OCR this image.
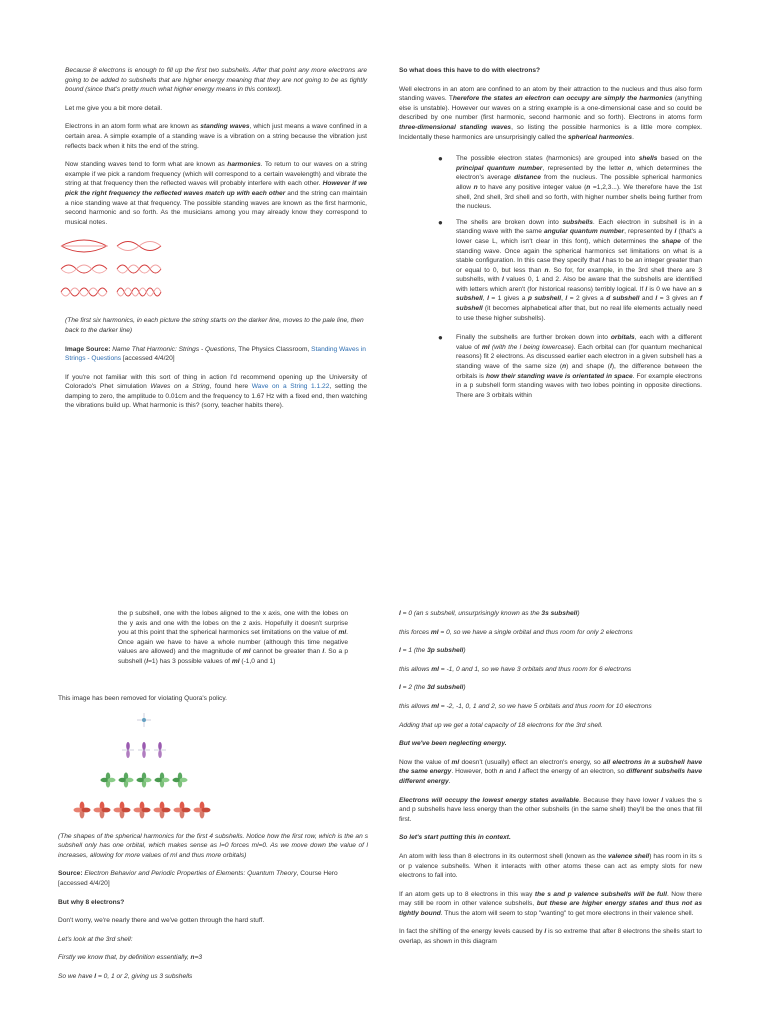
Because 8 electrons is enough to fill up the first two subshells. After that point any more electrons are going to be added to subshells that are higher energy meaning that they are not going to be as tightly bound (since that's pretty much what higher energy means in this context).

Let me give you a bit more detail.

Electrons in an atom form what are known as standing waves, which just means a wave confined in a certain area. A simple example of a standing wave is a vibration on a string because the vibration just reflects back when it hits the end of the string.

Now standing waves tend to form what are known as harmonics. To return to our waves on a string example if we pick a random frequency (which will correspond to a certain wavelength) and vibrate the string at that frequency then the reflected waves will probably interfere with each other. However if we pick the right frequency the reflected waves match up with each other and the string can maintain a nice standing wave at that frequency. The possible standing waves are known as the first harmonic, second harmonic and so forth. As the musicians among you may already know they correspond to musical notes.

(The first six harmonics, in each picture the string starts on the darker line, moves to the pale line, then back to the darker line)

Image Source: Name That Harmonic: Strings - Questions, The Physics Classroom, Standing Waves in Strings - Questions [accessed 4/4/20]

If you're not familiar with this sort of thing in action I'd recommend opening up the University of Colorado's Phet simulation Waves on a String, found here Wave on a String 1.1.22, setting the damping to zero, the amplitude to 0.01cm and the frequency to 1.67 Hz with a fixed end, then watching the vibrations build up. What harmonic is this? (sorry, teacher habits there).

So what does this have to do with electrons?

Well electrons in an atom are confined to an atom by their attraction to the nucleus and thus also form standing waves. Therefore the states an electron can occupy are simply the harmonics (anything else is unstable). However our waves on a string example is a one-dimensional case and so could be described by one number (first harmonic, second harmonic and so forth). Electrons in atoms form three-dimensional standing waves, so listing the possible harmonics is a little more complex. Incidentally these harmonics are unsurprisingly called the spherical harmonics.

● The possible electron states (harmonics) are grouped into shells based on the principal quantum number, represented by the letter n, which determines the electron's average distance from the nucleus. The possible spherical harmonics allow n to have any positive integer value (n =1,2,3...). We therefore have the 1st shell, 2nd shell, 3rd shell and so forth, with higher number shells being further from the nucleus.
● The shells are broken down into subshells. Each electron in subshell is in a standing wave with the same angular quantum number, represented by l (that's a lower case L, which isn't clear in this font), which determines the shape of the standing wave. Once again the spherical harmonics set limitations on what is a stable configuration. In this case they specify that l has to be an integer greater than or equal to 0, but less than n. So for, for example, in the 3rd shell there are 3 subshells, with l values 0, 1 and 2. Also be aware that the subshells are identified with letters which aren't (for historical reasons) terribly logical. If l is 0 we have an s subshell, l = 1 gives a p subshell, l = 2 gives a d subshell and l = 3 gives an f subshell (it becomes alphabetical after that, but no real life elements actually need to use these higher subshells).
● Finally the subshells are further broken down into orbitals, each with a different value of ml (with the l being lowercase). Each orbital can (for quantum mechanical reasons) fit 2 electrons. As discussed earlier each electron in a given subshell has a standing wave of the same size (n) and shape (l), the difference between the orbitals is how their standing wave is orientated in space. For example electrons in a p subshell form standing waves with two lobes pointing in opposite directions. There are 3 orbitals within

the p subshell, one with the lobes aligned to the x axis, one with the lobes on the y axis and one with the lobes on the z axis. Hopefully it doesn't surprise you at this point that the spherical harmonics set limitations on the value of ml. Once again we have to have a whole number (although this time negative values are allowed) and the magnitude of ml cannot be greater than l. So a p subshell (l=1) has 3 possible values of ml (-1,0 and 1)

This image has been removed for violating Quora's policy.

(The shapes of the spherical harmonics for the first 4 subshells. Notice how the first row, which is the an s subshell only has one orbital, which makes sense as l=0 forces ml=0. As we move down the value of l increases, allowing for more values of ml and thus more orbitals)

Source: Electron Behavior and Periodic Properties of Elements: Quantum Theory, Course Hero [accessed 4/4/20]

But why 8 electrons?

Don't worry, we're nearly there and we've gotten through the hard stuff.

Let's look at the 3rd shell:

Firstly we know that, by definition essentially, n=3

So we have l = 0, 1 or 2, giving us 3 subshells

l = 0 (an s subshell, unsurprisingly known as the 3s subshell)

this forces ml = 0, so we have a single orbital and thus room for only 2 electrons

l = 1 (the 3p subshell)

this allows ml = -1, 0 and 1, so we have 3 orbitals and thus room for 6 electrons

l = 2 (the 3d subshell)

this allows ml = -2, -1, 0, 1 and 2, so we have 5 orbitals and thus room for 10 electrons

Adding that up we get a total capacity of 18 electrons for the 3rd shell.

But we've been neglecting energy.

Now the value of ml doesn't (usually) effect an electron's energy, so all electrons in a subshell have the same energy. However, both n and l affect the energy of an electron, so different subshells have different energy.

Electrons will occupy the lowest energy states available. Because they have lower l values the s and p subshells have less energy than the other subshells (in the same shell) they'll be the ones that fill first.

So let's start putting this in context.

An atom with less than 8 electrons in its outermost shell (known as the valence shell) has room in its s or p valence subshells. When it interacts with other atoms these can act as empty slots for new electrons to fall into.

If an atom gets up to 8 electrons in this way the s and p valence subshells will be full. Now there may still be room in other valence subshells, but these are higher energy states and thus not as tightly bound. Thus the atom will seem to stop "wanting" to get more electrons in their valence shell.

In fact the shifting of the energy levels caused by l is so extreme that after 8 electrons the shells start to overlap, as shown in this diagram
